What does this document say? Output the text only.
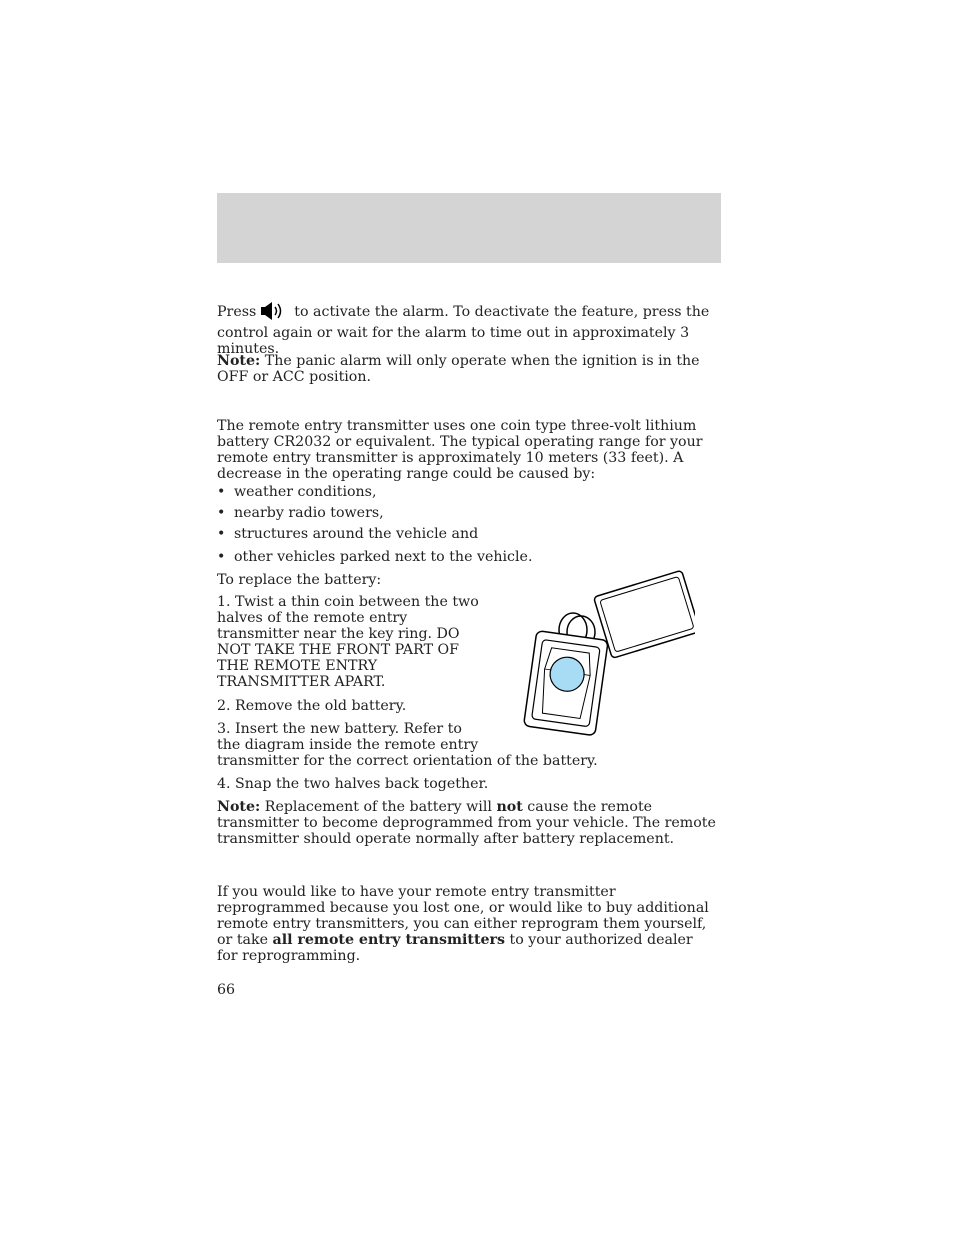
Press	to activate the alarm. To deactivate the feature, press the control again or wait for the alarm to time out in approximately 3 minutes.

Note: The panic alarm will only operate when the ignition is in the OFF or ACC position.

The remote entry transmitter uses one coin type three-volt lithium battery CR2032 or equivalent. The typical operating range for your remote entry transmitter is approximately 10 meters (33 feet). A decrease in the operating range could be caused by:

• weather conditions,
• nearby radio towers,
• structures around the vehicle and
• other vehicles parked next to the vehicle.

To replace the battery:

1. Twist a thin coin between the two halves of the remote entry transmitter near the key ring. DO NOT TAKE THE FRONT PART OF THE REMOTE ENTRY TRANSMITTER APART.

2. Remove the old battery.

3. Insert the new battery. Refer to the diagram inside the remote entry

transmitter for the correct orientation of the battery.

4. Snap the two halves back together.

Note: Replacement of the battery will not cause the remote transmitter to become deprogrammed from your vehicle. The remote transmitter should operate normally after battery replacement.

If you would like to have your remote entry transmitter reprogrammed because you lost one, or would like to buy additional remote entry transmitters, you can either reprogram them yourself, or take all remote entry transmitters to your authorized dealer for reprogramming.

66
